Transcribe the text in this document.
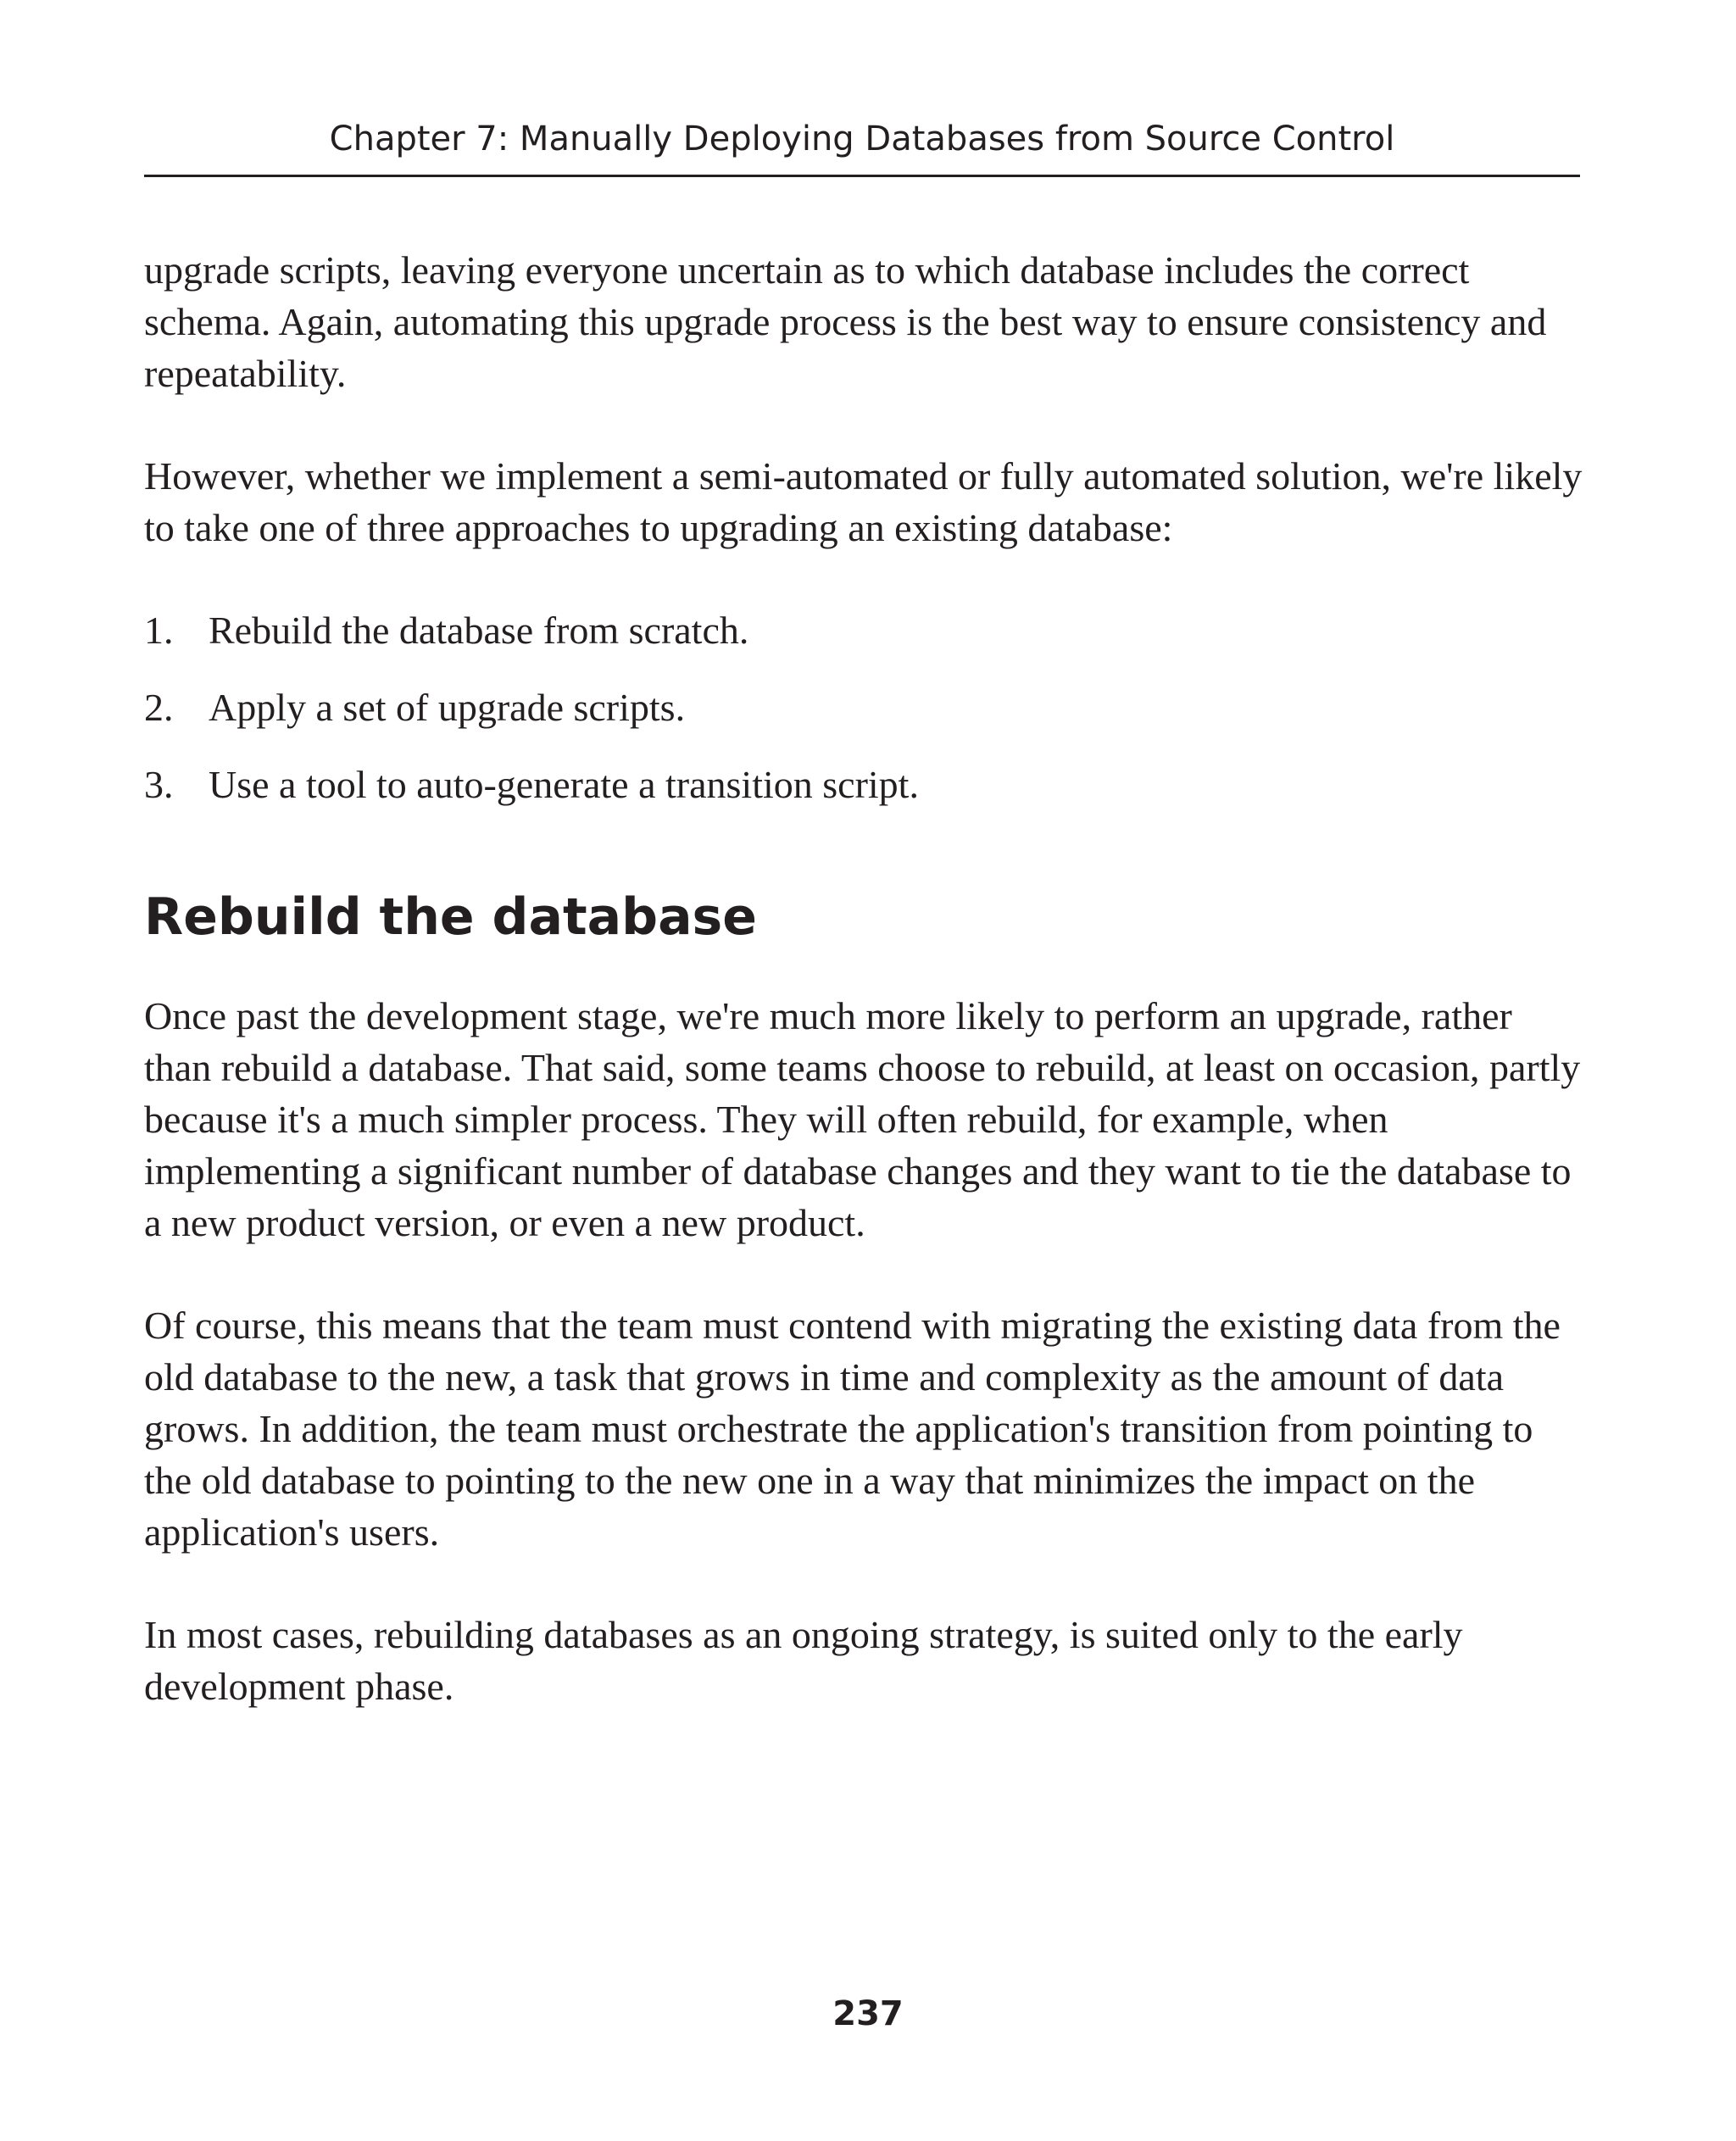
Chapter 7: Manually Deploying Databases from Source Control

upgrade scripts, leaving everyone uncertain as to which database includes the correct schema. Again, automating this upgrade process is the best way to ensure consistency and repeatability.

However, whether we implement a semi-automated or fully automated solution, we're likely to take one of three approaches to upgrading an existing database:

1. Rebuild the database from scratch.
2. Apply a set of upgrade scripts.
3. Use a tool to auto-generate a transition script.
Rebuild the database

Once past the development stage, we're much more likely to perform an upgrade, rather than rebuild a database. That said, some teams choose to rebuild, at least on occasion, partly because it's a much simpler process. They will often rebuild, for example, when implementing a significant number of database changes and they want to tie the database to a new product version, or even a new product.

Of course, this means that the team must contend with migrating the existing data from the old database to the new, a task that grows in time and complexity as the amount of data grows. In addition, the team must orchestrate the application's transition from pointing to the old database to pointing to the new one in a way that minimizes the impact on the application's users.

In most cases, rebuilding databases as an ongoing strategy, is suited only to the early development phase.

237
